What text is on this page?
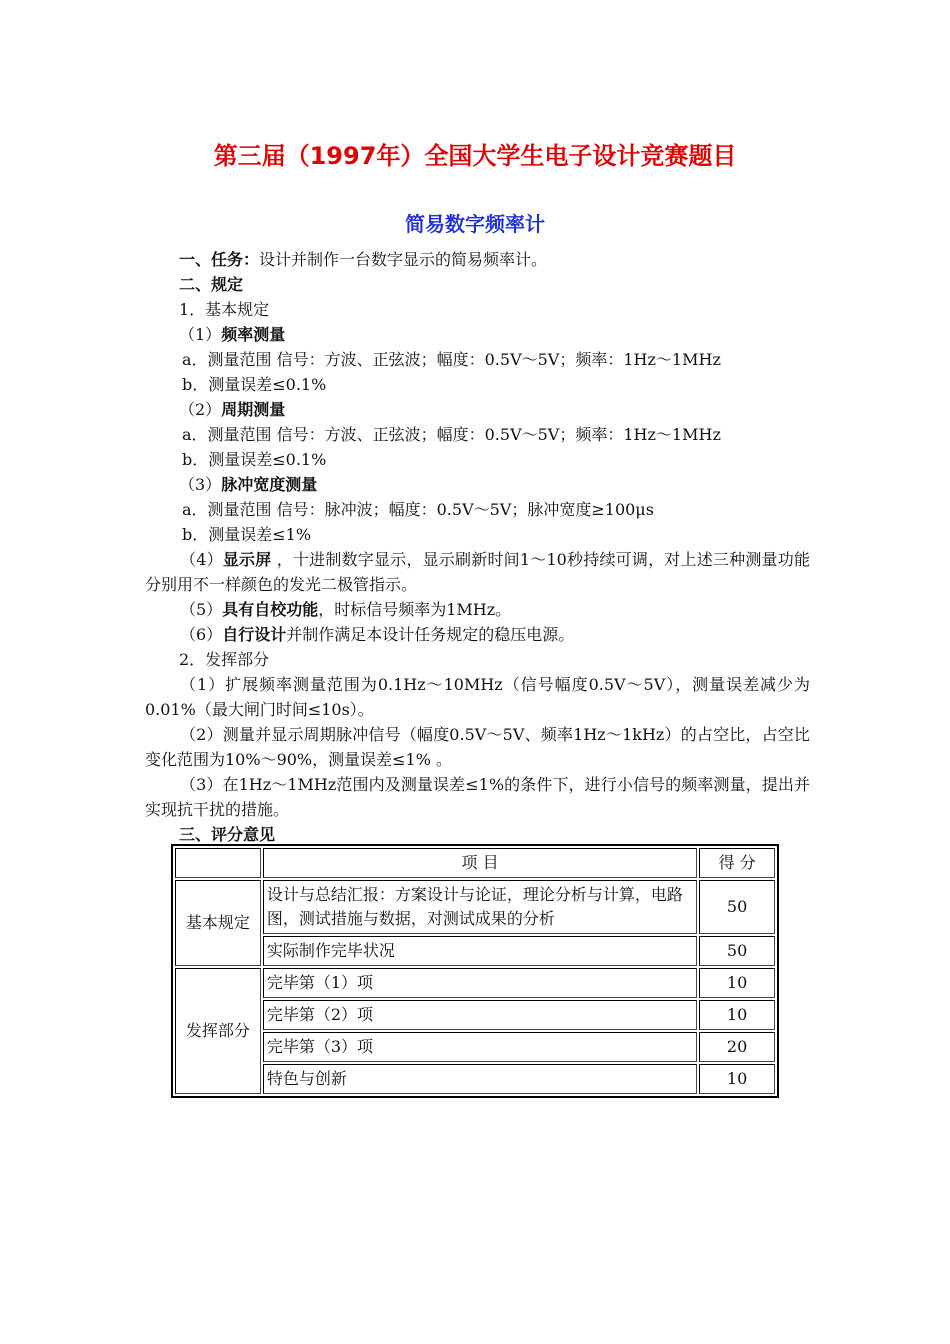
第三届（1997年）全国大学生电子设计竞赛题目
简易数字频率计
一、任务：设计并制作一台数字显示的简易频率计。
二、规定
1．基本规定
（1）频率测量
a．测量范围 信号：方波、正弦波；幅度：0.5V～5V；频率：1Hz～1MHz
b．测量误差≤0.1%
（2）周期测量
a．测量范围 信号：方波、正弦波；幅度：0.5V～5V；频率：1Hz～1MHz
b．测量误差≤0.1%
（3）脉冲宽度测量
a．测量范围 信号：脉冲波；幅度：0.5V～5V；脉冲宽度≥100μs
b．测量误差≤1%
（4）显示屏 ，十进制数字显示，显示刷新时间1～10秒持续可调，对上述三种测量功能分别用不一样颜色的发光二极管指示。
（5）具有自校功能，时标信号频率为1MHz。
（6）自行设计并制作满足本设计任务规定的稳压电源。
2．发挥部分
（1）扩展频率测量范围为0.1Hz～10MHz（信号幅度0.5V～5V），测量误差减少为0.01%（最大闸门时间≤10s）。
（2）测量并显示周期脉冲信号（幅度0.5V～5V、频率1Hz～1kHz）的占空比，占空比变化范围为10%～90%，测量误差≤1% 。
（3）在1Hz～1MHz范围内及测量误差≤1%的条件下，进行小信号的频率测量，提出并实现抗干扰的措施。
三、评分意见
	项 目	得 分
基本规定	设计与总结汇报：方案设计与论证，理论分析与计算，电路图，测试措施与数据，对测试成果的分析	50
	实际制作完毕状况	50
发挥部分	完毕第（1）项	10
	完毕第（2）项	10
	完毕第（3）项	20
	特色与创新	10
